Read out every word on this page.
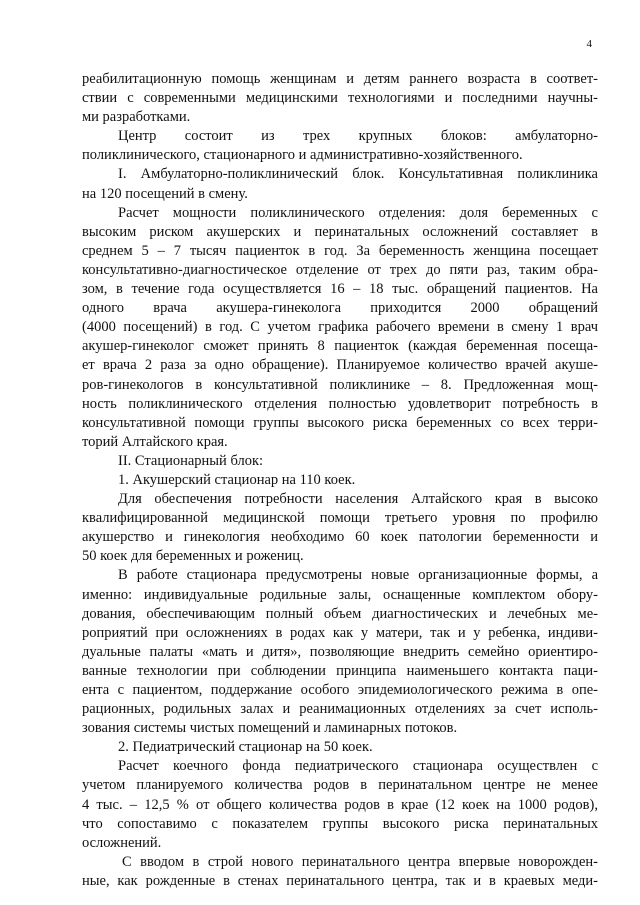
4
реабилитационную помощь женщинам и детям раннего возраста в соответ-
ствии с современными медицинскими технологиями и последними научны-
ми разработками.
Центр состоит из трех крупных блоков: амбулаторно-
поликлинического, стационарного и административно-хозяйственного.
I. Амбулаторно-поликлинический блок. Консультативная поликлиника
на 120 посещений в смену.
Расчет мощности поликлинического отделения: доля беременных с
высоким риском акушерских и перинатальных осложнений составляет в
среднем 5 – 7 тысяч пациенток в год. За беременность женщина посещает
консультативно-диагностическое отделение от трех до пяти раз, таким обра-
зом, в течение года осуществляется 16 – 18 тыс. обращений пациентов. На
одного врача акушера-гинеколога приходится 2000 обращений
(4000 посещений) в год. С учетом графика рабочего времени в смену 1 врач
акушер-гинеколог сможет принять 8 пациенток (каждая беременная посеща-
ет врача 2 раза за одно обращение). Планируемое количество врачей акуше-
ров-гинекологов в консультативной поликлинике – 8. Предложенная мощ-
ность поликлинического отделения полностью удовлетворит потребность в
консультативной помощи группы высокого риска беременных со всех терри-
торий Алтайского края.
II. Стационарный блок:
1. Акушерский стационар на 110 коек.
Для обеспечения потребности населения Алтайского края в высоко
квалифицированной медицинской помощи третьего уровня по профилю
акушерство и гинекология необходимо 60 коек патологии беременности и
50 коек для беременных и рожениц.
В работе стационара предусмотрены новые организационные формы, а
именно: индивидуальные родильные залы, оснащенные комплектом обору-
дования, обеспечивающим полный объем диагностических и лечебных ме-
роприятий при осложнениях в родах как у матери, так и у ребенка, индиви-
дуальные палаты «мать и дитя», позволяющие внедрить семейно ориентиро-
ванные технологии при соблюдении принципа наименьшего контакта паци-
ента с пациентом, поддержание особого эпидемиологического режима в опе-
рационных, родильных залах и реанимационных отделениях за счет исполь-
зования системы чистых помещений и ламинарных потоков.
2. Педиатрический стационар на 50 коек.
Расчет коечного фонда педиатрического стационара осуществлен с
учетом планируемого количества родов в перинатальном центре не менее
4 тыс. – 12,5 % от общего количества родов в крае (12 коек на 1000 родов),
что сопоставимо с показателем группы высокого риска перинатальных
осложнений.
С вводом в строй нового перинатального центра впервые новорожден-
ные, как рожденные в стенах перинатального центра, так и в краевых меди-
